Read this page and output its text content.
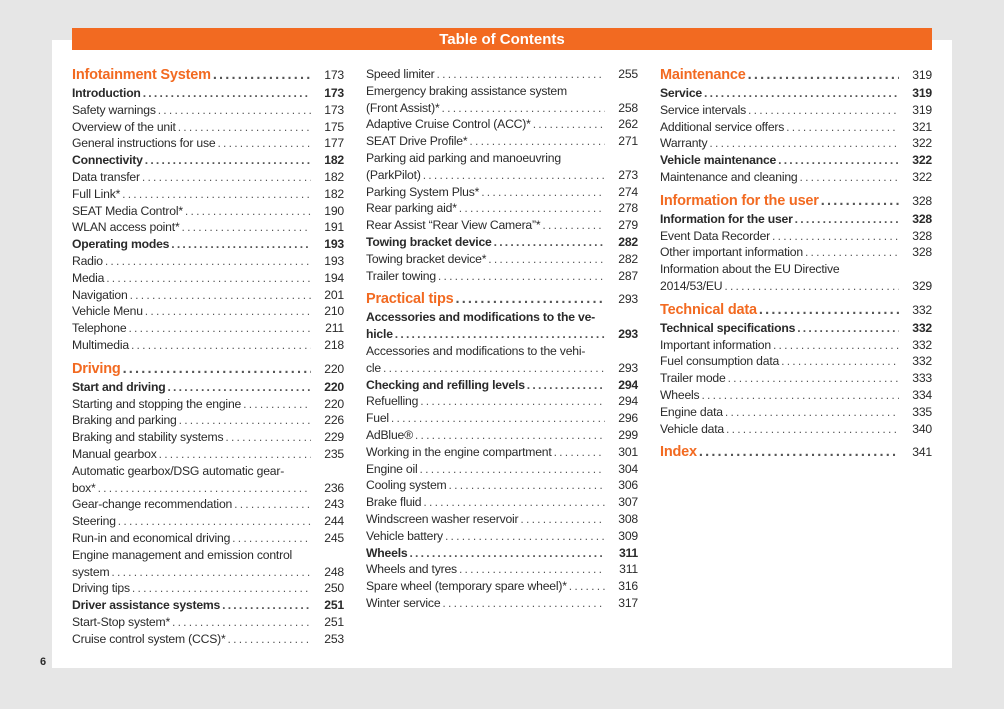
Table of Contents
Infotainment System .....	173
Introduction .....	173
Safety warnings .....	173
Overview of the unit .....	175
General instructions for use .....	177
Connectivity .....	182
Data transfer .....	182
Full Link* .....	182
SEAT Media Control* .....	190
WLAN access point* .....	191
Operating modes .....	193
Radio .....	193
Media .....	194
Navigation .....	201
Vehicle Menu .....	210
Telephone .....	211
Multimedia .....	218
Driving .....	220
Start and driving .....	220
Starting and stopping the engine .....	220
Braking and parking .....	226
Braking and stability systems .....	229
Manual gearbox .....	235
Automatic gearbox/DSG automatic gear-
box* .....	236
Gear-change recommendation .....	243
Steering .....	244
Run-in and economical driving .....	245
Engine management and emission control
system .....	248
Driving tips .....	250
Driver assistance systems .....	251
Start-Stop system* .....	251
Cruise control system (CCS)* .....	253
Speed limiter .....	255
Emergency braking assistance system
(Front Assist)* .....	258
Adaptive Cruise Control (ACC)* .....	262
SEAT Drive Profile* .....	271
Parking aid parking and manoeuvring
(ParkPilot) .....	273
Parking System Plus* .....	274
Rear parking aid* .....	278
Rear Assist “Rear View Camera”* .....	279
Towing bracket device .....	282
Towing bracket device* .....	282
Trailer towing .....	287
Practical tips .....	293
Accessories and modifications to the ve-
hicle .....	293
Accessories and modifications to the vehi-
cle .....	293
Checking and refilling levels .....	294
Refuelling .....	294
Fuel .....	296
AdBlue® .....	299
Working in the engine compartment .....	301
Engine oil .....	304
Cooling system .....	306
Brake fluid .....	307
Windscreen washer reservoir .....	308
Vehicle battery .....	309
Wheels .....	311
Wheels and tyres .....	311
Spare wheel (temporary spare wheel)* .....	316
Winter service .....	317
Maintenance .....	319
Service .....	319
Service intervals .....	319
Additional service offers .....	321
Warranty .....	322
Vehicle maintenance .....	322
Maintenance and cleaning .....	322
Information for the user .....	328
Information for the user .....	328
Event Data Recorder .....	328
Other important information .....	328
Information about the EU Directive
2014/53/EU .....	329
Technical data .....	332
Technical specifications .....	332
Important information .....	332
Fuel consumption data .....	332
Trailer mode .....	333
Wheels .....	334
Engine data .....	335
Vehicle data .....	340
Index .....	341
6
